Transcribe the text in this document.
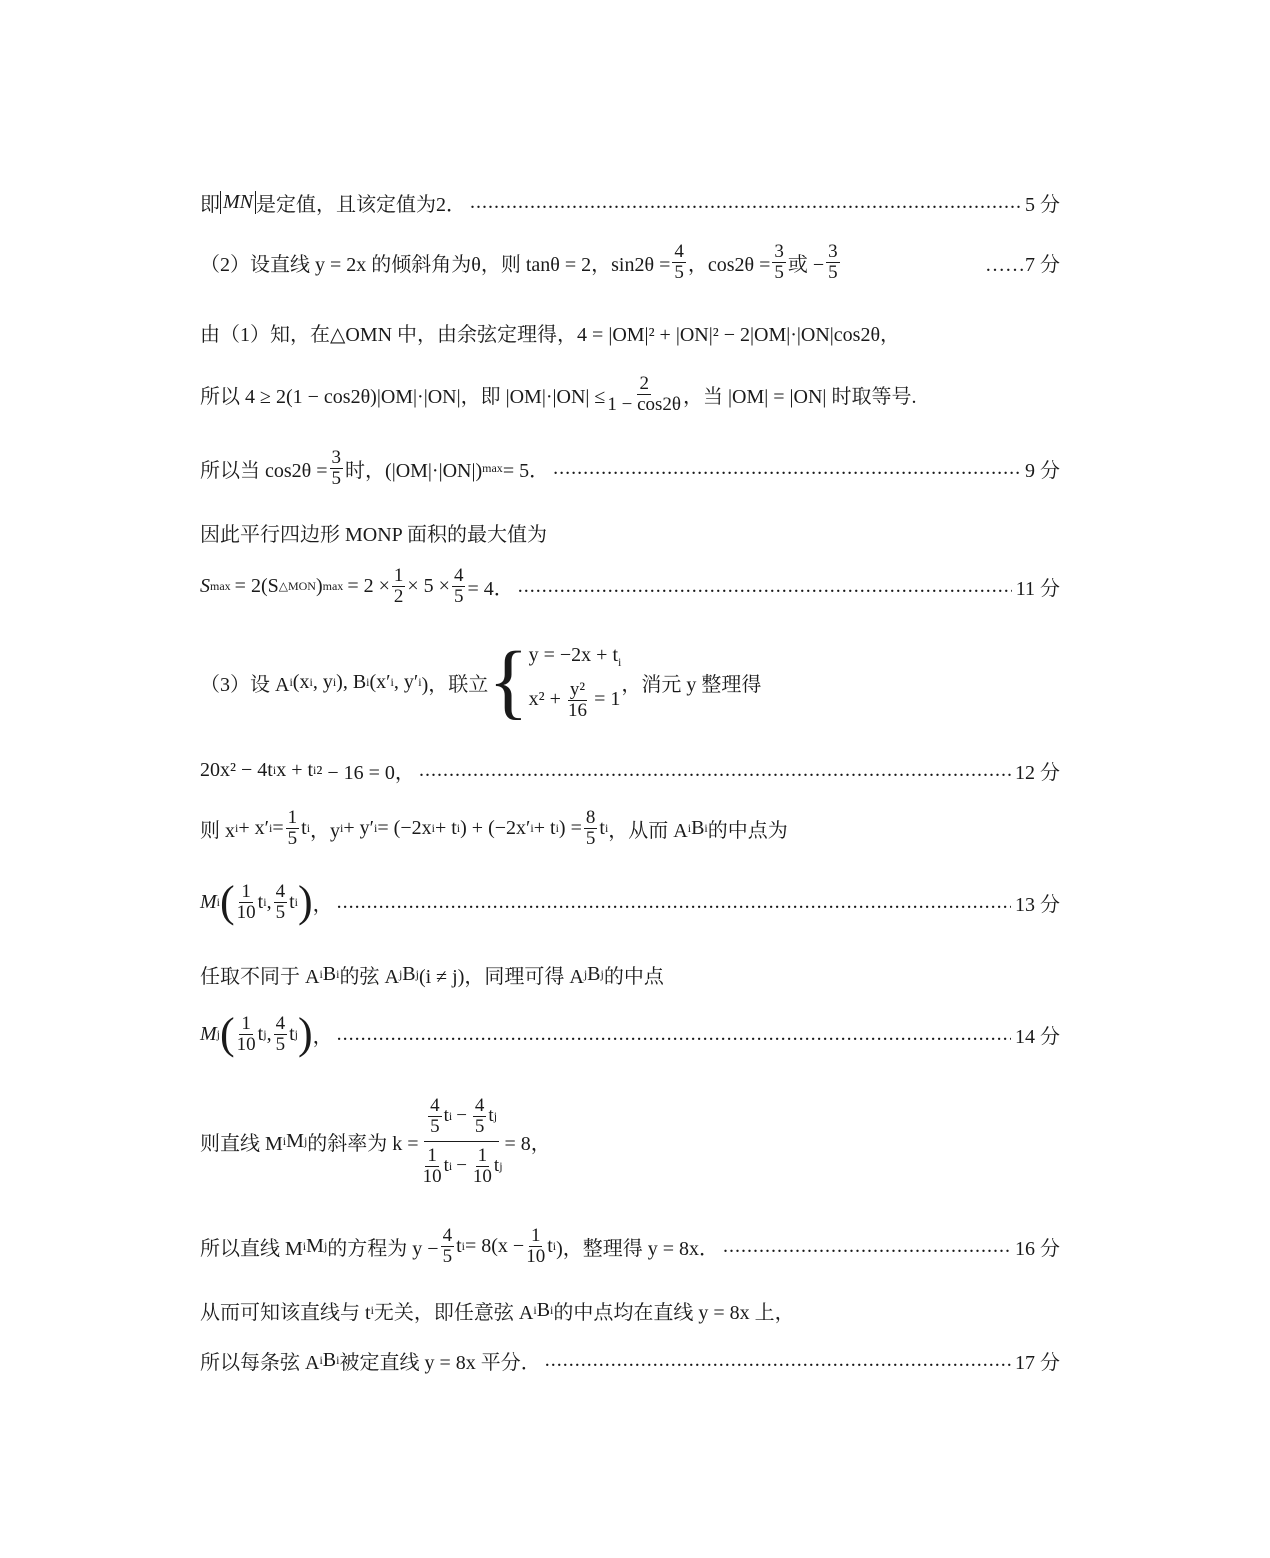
即 MN 是定值，且该定值为2． .....	5 分
（2）设直线 y = 2x 的倾斜角为θ，则 tanθ = 2，$\sin 2\theta = \frac{4}{5}$ ，$\cos 2\theta = \frac{3}{5}$ 或 − $\frac{3}{5}$	……7 分
由（1）知，在△OMN 中，由余弦定理得，4 = |OM|² + |ON|² − 2|OM|·|ON|cos2θ，
所以 4 ≥ 2(1 − cos2θ)|OM|·|ON|，即 $|OM|\cdot|ON| \le \frac{2}{1 - \cos 2\theta}$ ，当 |OM| = |ON| 时取等号.
所以当 $\cos 2\theta = \frac{3}{5}$ 时，(|OM|·|ON|) max = 5． .....	9 分
因此平行四边形 MONP 面积的最大值为
S max = 2(S △MON ) $\max = 2 \times \frac{1}{2} \times 5 \times \frac{4}{5} = 4$． .....	11 分
（3）设 A i (x i , y i ), B i (x′ i , y′ i )，联立 { $y = -2x + t_i$
$x^2 + \frac{\text{y²}}{16} = 1$
，消元 y 整理得
20x² − 4t i x + t i ² − 16 = 0， .....	12 分
则 x i + x′ $i = \frac{1}{5}$ t i ，y i + y′ i = (−2x i + t i ) + (−2x′ i + t i ) = $\frac{8}{5}$ t i ，从而 A i B i 的中点为
M i ( $\frac{1}{10}$ t i , $\frac{4}{5}$ t i ) ， .....	13 分
任取不同于 A i B i 的弦 A j B j (i ≠ j)，同理可得 A j B j 的中点
M j ( $\frac{1}{10}$ t j , $\frac{4}{5}$ t j ) ， .....	14 分
则直线 M i M j 的斜率为 $k = \frac{\frac{4}{5} t i - \frac{4}{5} t j}{\frac{1}{10} t i - \frac{1}{10} t j} = 8$，
所以直线 M i M j 的方程为 $y - \frac{4}{5}$ t $i = 8(x - \frac{1}{10}$ t i )，整理得 y = 8x． .....	16 分
从而可知该直线与 t i 无关，即任意弦 A i B i 的中点均在直线 y = 8x 上，
所以每条弦 A i B i 被定直线 y = 8x 平分． .....	17 分
